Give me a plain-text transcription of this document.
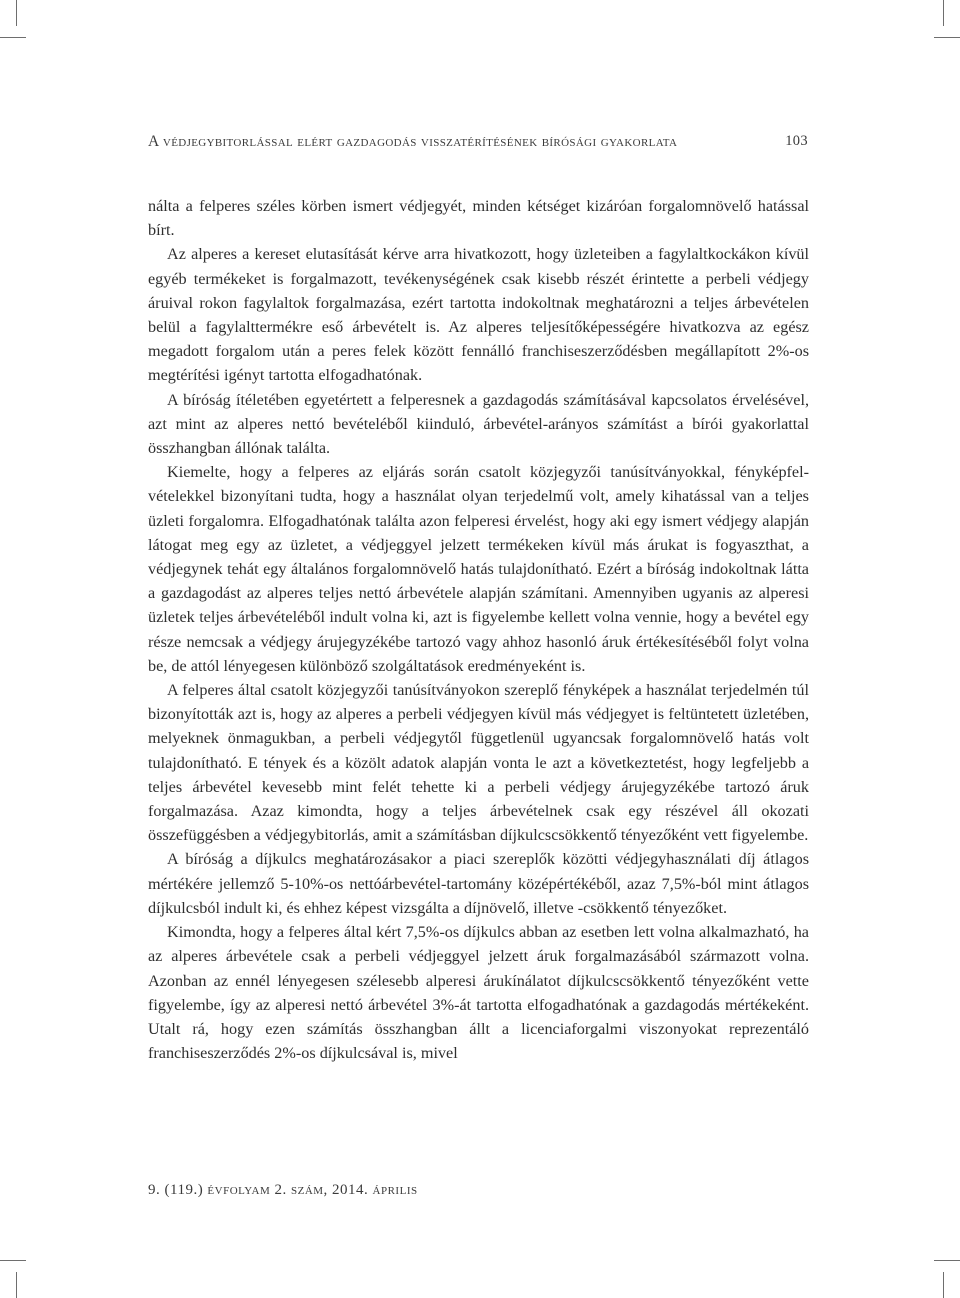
A védjegybitorlással elért gazdagodás visszatérítésének bírósági gyakorlata	103

nálta a felperes széles körben ismert védjegyét, minden kétséget kizáróan forgalomnövelő hatással bírt.

Az alperes a kereset elutasítását kérve arra hivatkozott, hogy üzleteiben a fagylaltkockákon kívül egyéb termékeket is forgalmazott, tevékenységének csak kisebb részét érintette a perbeli védjegy áruival rokon fagylaltok forgalmazása, ezért tartotta indokoltnak meghatározni a teljes árbevételen belül a fagylalttermékre eső árbevételt is. Az alperes teljesítőképességére hivatkozva az egész megadott forgalom után a peres felek között fennálló franchiseszerződésben megállapított 2%-os megtérítési igényt tartotta elfogadhatónak.

A bíróság ítéletében egyetértett a felperesnek a gazdagodás számításával kapcsolatos érvelésével, azt mint az alperes nettó bevételéből kiinduló, árbevétel-arányos számítást a bírói gyakorlattal összhangban állónak találta.

Kiemelte, hogy a felperes az eljárás során csatolt közjegyzői tanúsítványokkal, fényképfelvételekkel bizonyítani tudta, hogy a használat olyan terjedelmű volt, amely kihatással van a teljes üzleti forgalomra. Elfogadhatónak találta azon felperesi érvelést, hogy aki egy ismert védjegy alapján látogat meg egy az üzletet, a védjeggyel jelzett termékeken kívül más árukat is fogyaszthat, a védjegynek tehát egy általános forgalomnövelő hatás tulajdonítható. Ezért a bíróság indokoltnak látta a gazdagodást az alperes teljes nettó árbevétele alapján számítani. Amennyiben ugyanis az alperesi üzletek teljes árbevételéből indult volna ki, azt is figyelembe kellett volna vennie, hogy a bevétel egy része nemcsak a védjegy árujegyzékébe tartozó vagy ahhoz hasonló áruk értékesítéséből folyt volna be, de attól lényegesen különböző szolgáltatások eredményeként is.

A felperes által csatolt közjegyzői tanúsítványokon szereplő fényképek a használat terjedelmén túl bizonyították azt is, hogy az alperes a perbeli védjegyen kívül más védjegyet is feltüntetett üzletében, melyeknek önmagukban, a perbeli védjegytől függetlenül ugyancsak forgalomnövelő hatás volt tulajdonítható. E tények és a közölt adatok alapján vonta le azt a következtetést, hogy legfeljebb a teljes árbevétel kevesebb mint felét tehette ki a perbeli védjegy árujegyzékébe tartozó áruk forgalmazása. Azaz kimondta, hogy a teljes árbevételnek csak egy részével áll okozati összefüggésben a védjegybitorlás, amit a számításban díjkulcscsökkentő tényezőként vett figyelembe.

A bíróság a díjkulcs meghatározásakor a piaci szereplők közötti védjegyhasználati díj átlagos mértékére jellemző 5-10%-os nettóárbevétel-tartomány középértékéből, azaz 7,5%-ból mint átlagos díjkulcsból indult ki, és ehhez képest vizsgálta a díjnövelő, illetve -csökkentő tényezőket.

Kimondta, hogy a felperes által kért 7,5%-os díjkulcs abban az esetben lett volna alkalmazható, ha az alperes árbevétele csak a perbeli védjeggyel jelzett áruk forgalmazásából származott volna. Azonban az ennél lényegesen szélesebb alperesi árukínálatot díjkulcscsökkentő tényezőként vette figyelembe, így az alperesi nettó árbevétel 3%-át tartotta elfogadhatónak a gazdagodás mértékeként. Utalt rá, hogy ezen számítás összhangban állt a licenciaforgalmi viszonyokat reprezentáló franchiseszerződés 2%-os díjkulcsával is, mivel

9. (119.) évfolyam 2. szám, 2014. április
